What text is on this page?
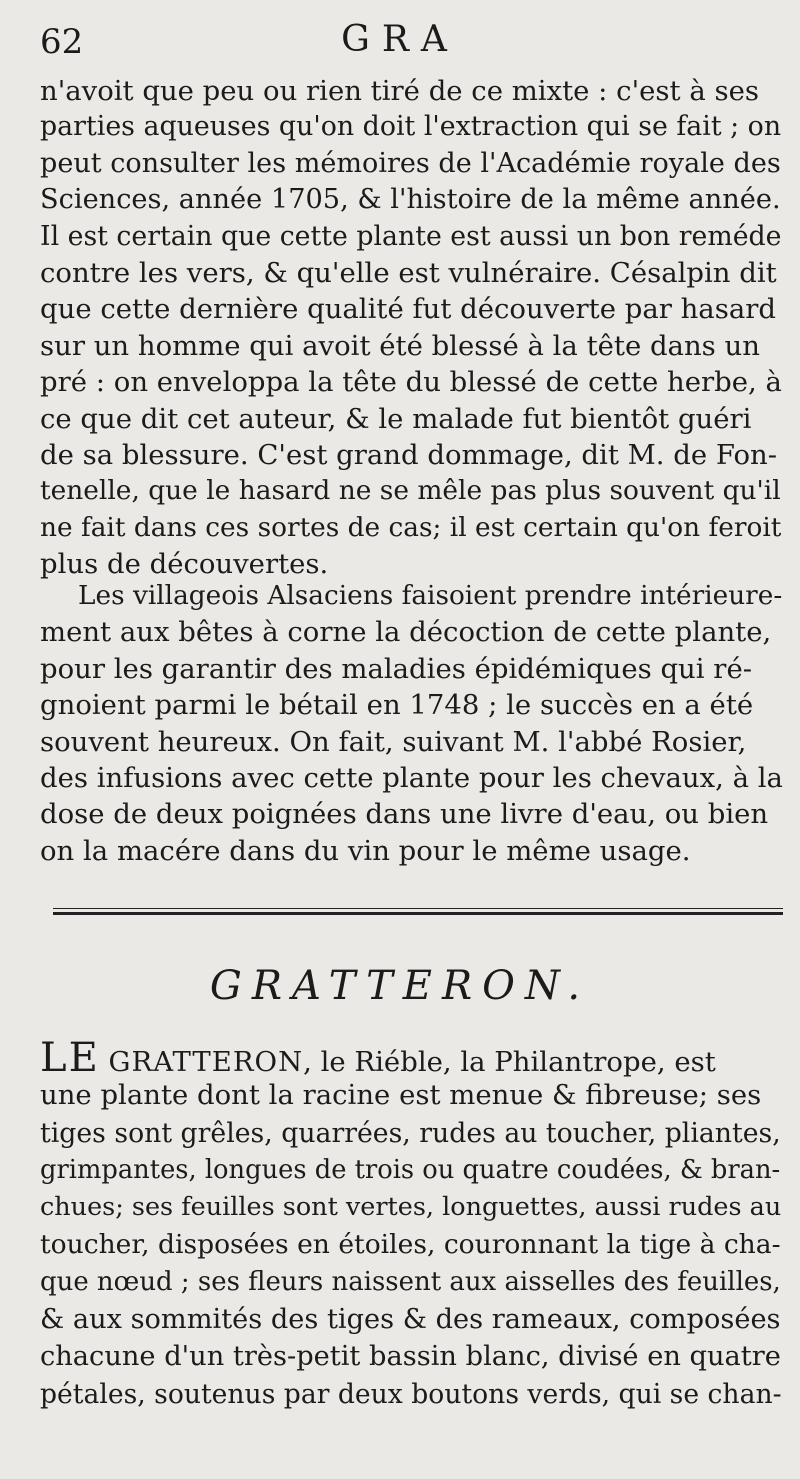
62	GRA
n'avoit que peu ou rien tiré de ce mixte : c'est à ses
parties aqueuses qu'on doit l'extraction qui se fait ; on
peut consulter les mémoires de l'Académie royale des
Sciences, année 1705, & l'histoire de la même année.
Il est certain que cette plante est aussi un bon reméde
contre les vers, & qu'elle est vulnéraire. Césalpin dit
que cette dernière qualité fut découverte par hasard
sur un homme qui avoit été blessé à la tête dans un
pré : on enveloppa la tête du blessé de cette herbe, à
ce que dit cet auteur, & le malade fut bientôt guéri
de sa blessure. C'est grand dommage, dit M. de Fon-
tenelle, que le hasard ne se mêle pas plus souvent qu'il
ne fait dans ces sortes de cas; il est certain qu'on feroit
plus de découvertes.
Les villageois Alsaciens faisoient prendre intérieure-
ment aux bêtes à corne la décoction de cette plante,
pour les garantir des maladies épidémiques qui ré-
gnoient parmi le bétail en 1748 ; le succès en a été
souvent heureux. On fait, suivant M. l'abbé Rosier,
des infusions avec cette plante pour les chevaux, à la
dose de deux poignées dans une livre d'eau, ou bien
on la macére dans du vin pour le même usage.
GRATTERON.
LE GRATTERON, le Riéble, la Philantrope, est
une plante dont la racine est menue & fibreuse; ses
tiges sont grêles, quarrées, rudes au toucher, pliantes,
grimpantes, longues de trois ou quatre coudées, & bran-
chues; ses feuilles sont vertes, longuettes, aussi rudes au
toucher, disposées en étoiles, couronnant la tige à cha-
que nœud ; ses fleurs naissent aux aisselles des feuilles,
& aux sommités des tiges & des rameaux, composées
chacune d'un très-petit bassin blanc, divisé en quatre
pétales, soutenus par deux boutons verds, qui se chan-
